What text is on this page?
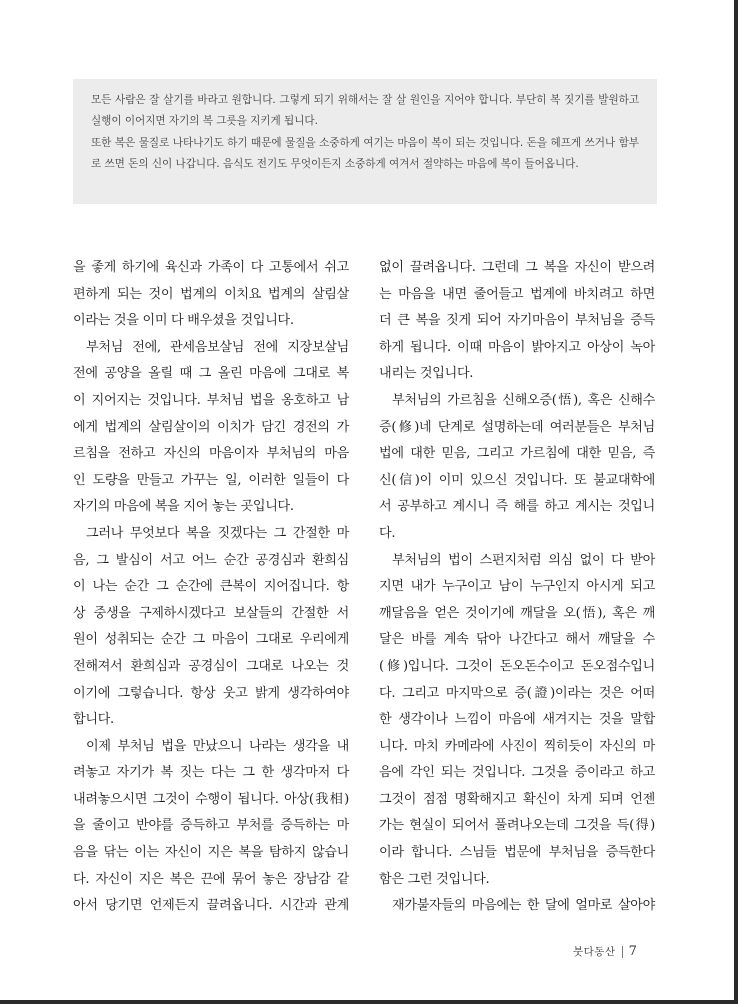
모든 사람은 잘 살기를 바라고 원합니다. 그렇게 되기 위해서는 잘 살 원인을 지어야 합니다. 부단히 복 짓기를 발원하고 실행이 이어지면 자기의 복 그릇을 지키게 됩니다.

또한 복은 물질로 나타나기도 하기 때문에 물질을 소중하게 여기는 마음이 복이 되는 것입니다. 돈을 헤프게 쓰거나 함부로 쓰면 돈의 신이 나갑니다. 음식도 전기도 무엇이든지 소중하게 여겨서 절약하는 마음에 복이 들어옵니다.

을 좋게 하기에 육신과 가족이 다 고통에서 쉬고

편하게 되는 것이 법계의 이치요 법계의 살림살

이라는 것을 이미 다 배우셨을 것입니다.

부처님 전에, 관세음보살님 전에 지장보살님

전에 공양을 올릴 때 그 올린 마음에 그대로 복

이 지어지는 것입니다. 부처님 법을 옹호하고 남

에게 법계의 살림살이의 이치가 담긴 경전의 가

르침을 전하고 자신의 마음이자 부처님의 마음

인 도량을 만들고 가꾸는 일, 이러한 일들이 다

자기의 마음에 복을 지어 놓는 곳입니다.

그러나 무엇보다 복을 짓겠다는 그 간절한 마

음, 그 발심이 서고 어느 순간 공경심과 환희심

이 나는 순간 그 순간에 큰복이 지어집니다. 항

상 중생을 구제하시겠다고 보살들의 간절한 서

원이 성취되는 순간 그 마음이 그대로 우리에게

전해져서 환희심과 공경심이 그대로 나오는 것

이기에 그렇습니다. 항상 웃고 밝게 생각하여야

합니다.

이제 부처님 법을 만났으니 나라는 생각을 내

려놓고 자기가 복 짓는 다는 그 한 생각마저 다

내려놓으시면 그것이 수행이 됩니다. 아상(我相)

을 줄이고 반야를 증득하고 부처를 증득하는 마

음을 닦는 이는 자신이 지은 복을 탐하지 않습니

다. 자신이 지은 복은 끈에 묶어 놓은 장남감 같

아서 당기면 언제든지 끌려옵니다. 시간과 관계

없이 끌려옵니다. 그런데 그 복을 자신이 받으려

는 마음을 내면 줄어들고 법계에 바치려고 하면

더 큰 복을 짓게 되어 자기마음이 부처님을 증득

하게 됩니다. 이때 마음이 밝아지고 아상이 녹아

내리는 것입니다.

부처님의 가르침을 신해오증(悟), 혹은 신해수

증(修)네 단계로 설명하는데 여러분들은 부처님

법에 대한 믿음, 그리고 가르침에 대한 믿음, 즉

신(信)이 이미 있으신 것입니다. 또 불교대학에

서 공부하고 계시니 즉 해를 하고 계시는 것입니

다.

부처님의 법이 스펀지처럼 의심 없이 다 받아

지면 내가 누구이고 남이 누구인지 아시게 되고

깨달음을 얻은 것이기에 깨달을 오(悟), 혹은 깨

달은 바를 계속 닦아 나간다고 해서 깨달을 수

(修)입니다. 그것이 돈오돈수이고 돈오점수입니

다. 그리고 마지막으로 증(證)이라는 것은 어떠

한 생각이나 느낌이 마음에 새겨지는 것을 말합

니다. 마치 카메라에 사진이 찍히듯이 자신의 마

음에 각인 되는 것입니다. 그것을 증이라고 하고

그것이 점점 명확해지고 확신이 차게 되며 언젠

가는 현실이 되어서 풀려나오는데 그것을 득(得)

이라 합니다. 스님들 법문에 부처님을 증득한다

함은 그런 것입니다.

재가불자들의 마음에는 한 달에 얼마로 살아야

붓다동산 7
